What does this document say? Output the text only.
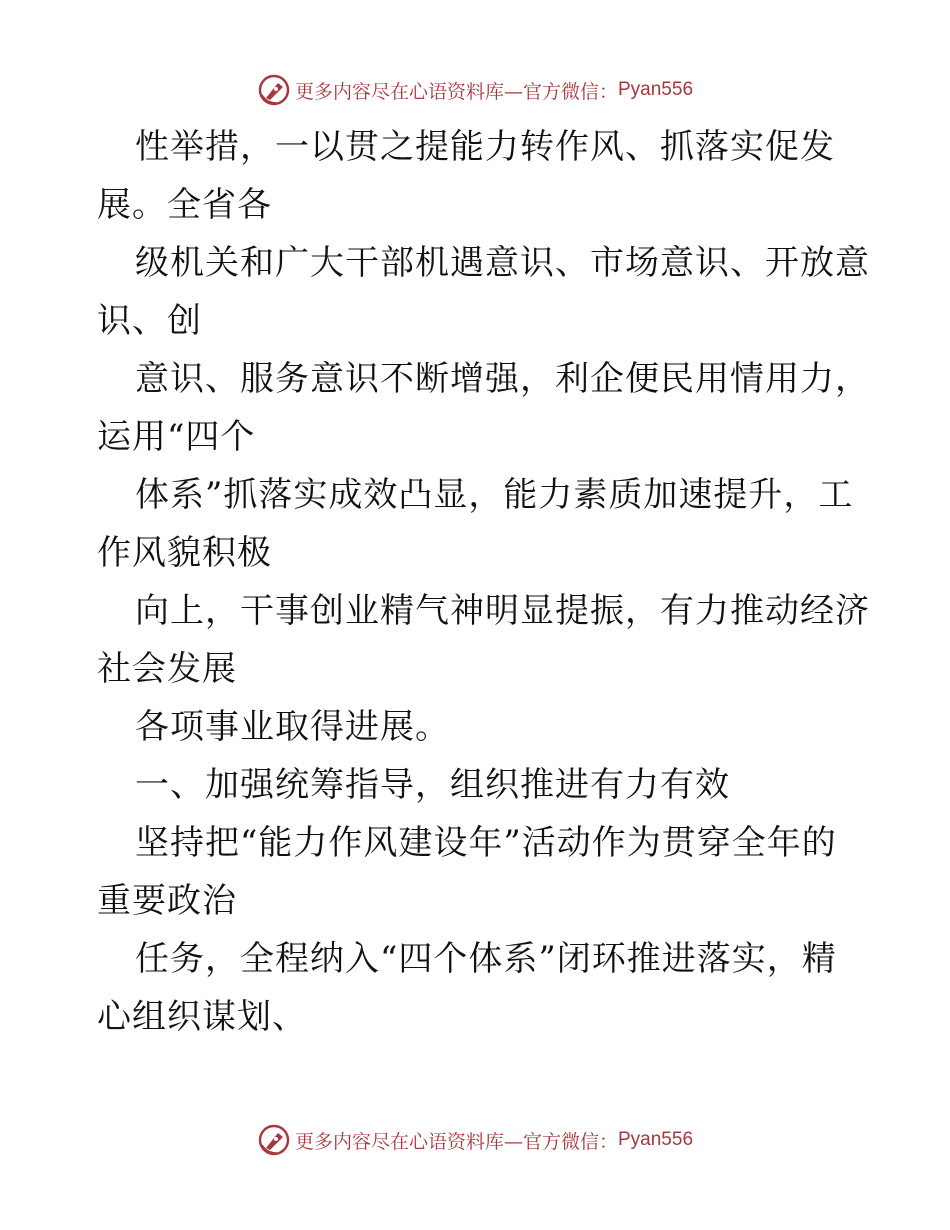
更多内容尽在心语资料库—官方微信： Pyan556
性举措，一以贯之提能力转作风、抓落实促发
展。全省各
级机关和广大干部机遇意识、市场意识、开放意
识、创
意识、服务意识不断增强，利企便民用情用力，
运用“四个
体系”抓落实成效凸显，能力素质加速提升，工
作风貌积极
向上，干事创业精气神明显提振，有力推动经济
社会发展
各项事业取得进展。
一、加强统筹指导，组织推进有力有效
坚持把“能力作风建设年”活动作为贯穿全年的
重要政治
任务，全程纳入“四个体系”闭环推进落实，精
心组织谋划、
更多内容尽在心语资料库—官方微信： Pyan556
